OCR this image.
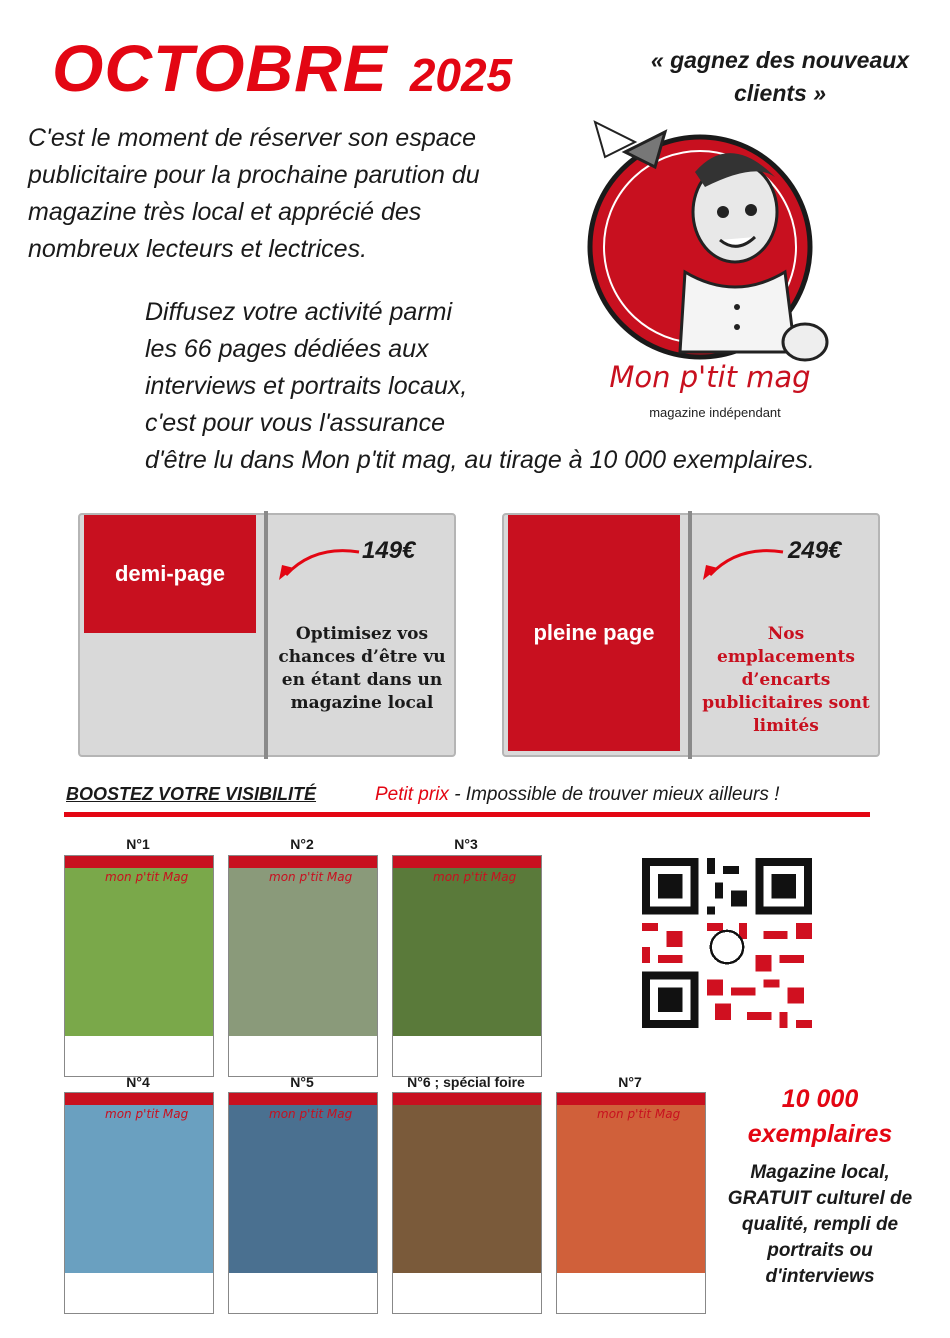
OCTOBRE 2025	« gagnez des nouveaux clients »
C'est le moment de réserver son espace publicitaire pour la prochaine parution du magazine très local et apprécié des nombreux lecteurs et lectrices.
Diffusez votre activité parmi
les 66 pages dédiées aux
interviews et portraits locaux,
c'est pour vous l'assurance
d'être lu dans Mon p'tit mag, au tirage à 10 000 exemplaires.
Mon p'tit mag
magazine indépendant
demi-page
149€
Optimisez vos chances d’être vu en étant dans un magazine local
pleine page
249€
Nos emplacements d’encarts publicitaires sont limités
BOOSTEZ VOTRE VISIBILITÉ	Petit prix - Impossible de trouver mieux ailleurs !
N°1
mon p'tit Mag
N°2
mon p'tit Mag
N°3
mon p'tit Mag
N°4
mon p'tit Mag
N°5
mon p'tit Mag
N°6 ; spécial foire	N°7
mon p'tit Mag
10 000 exemplaires
Magazine local, GRATUIT culturel de qualité, rempli de portraits ou d'interviews
